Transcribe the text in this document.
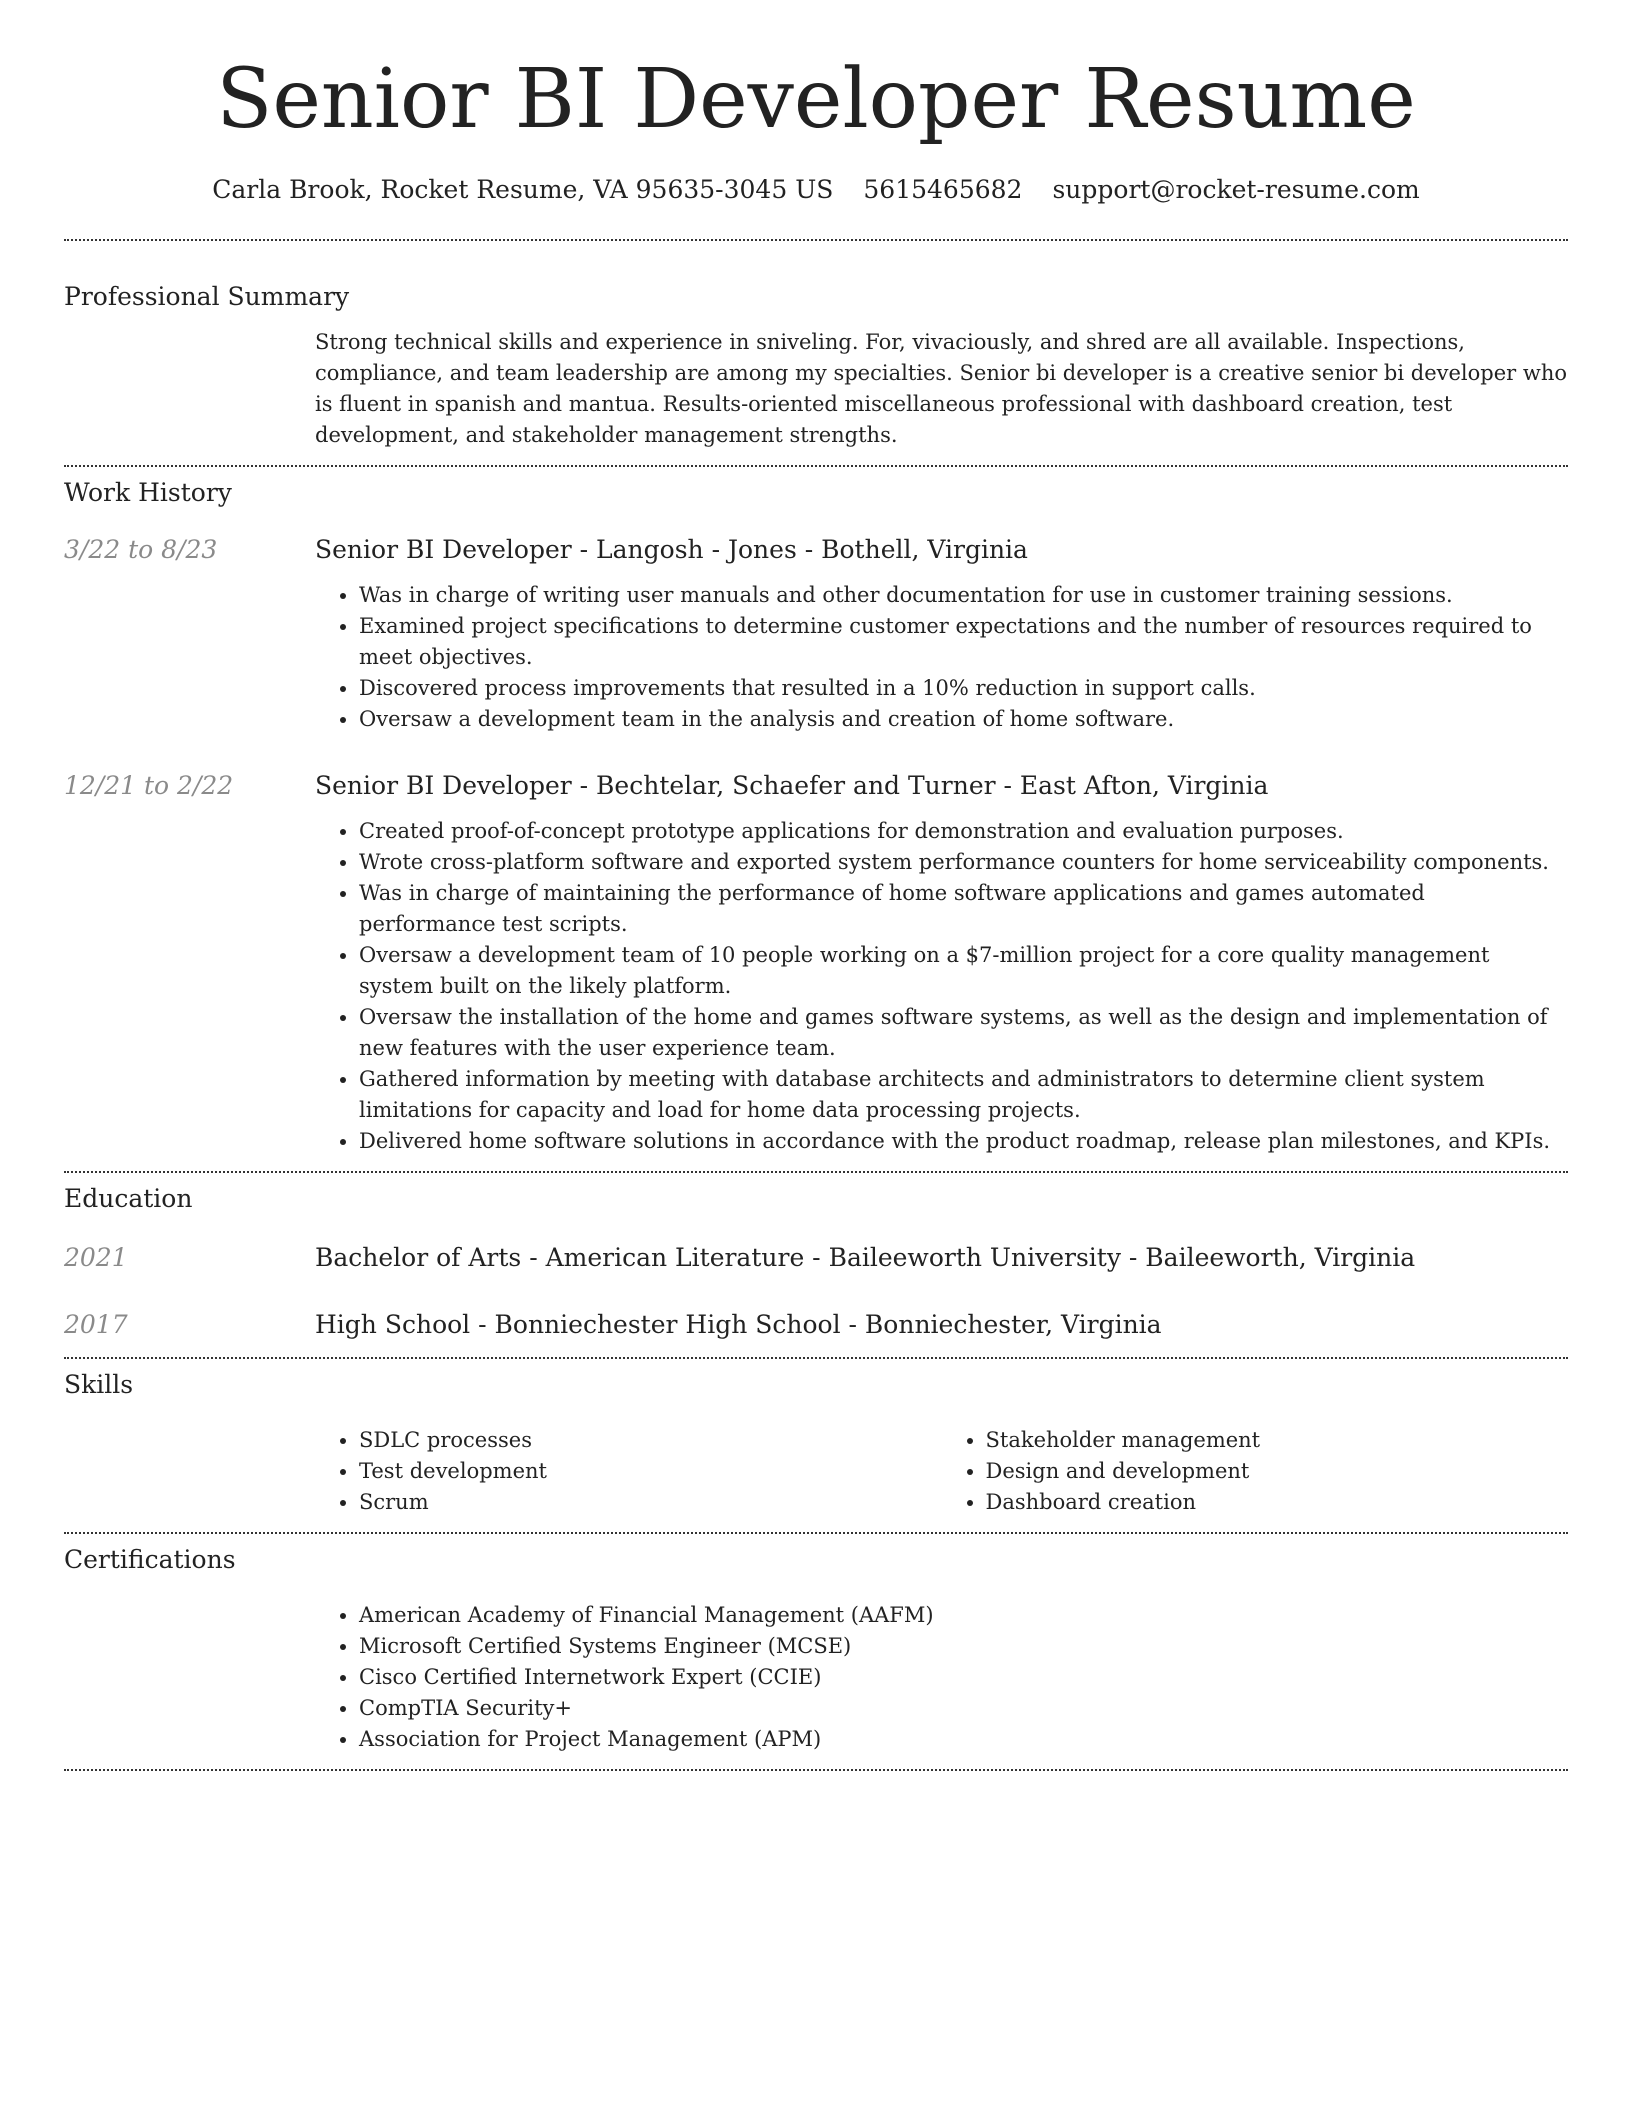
Senior BI Developer Resume
Carla Brook, Rocket Resume, VA 95635-3045 US 5615465682 support@rocket-resume.com
Professional Summary

Strong technical skills and experience in sniveling. For, vivaciously, and shred are all available. Inspections, compliance, and team leadership are among my specialties. Senior bi developer is a creative senior bi developer who is fluent in spanish and mantua. Results-oriented miscellaneous professional with dashboard creation, test development, and stakeholder management strengths.

Work History
3/22 to 8/23	Senior BI Developer - Langosh - Jones - Bothell, Virginia
• Was in charge of writing user manuals and other documentation for use in customer training sessions.
• Examined project specifications to determine customer expectations and the number of resources required to meet objectives.
• Discovered process improvements that resulted in a 10% reduction in support calls.
• Oversaw a development team in the analysis and creation of home software.
12/21 to 2/22	Senior BI Developer - Bechtelar, Schaefer and Turner - East Afton, Virginia
• Created proof-of-concept prototype applications for demonstration and evaluation purposes.
• Wrote cross-platform software and exported system performance counters for home serviceability components.
• Was in charge of maintaining the performance of home software applications and games automated performance test scripts.
• Oversaw a development team of 10 people working on a $7-million project for a core quality management system built on the likely platform.
• Oversaw the installation of the home and games software systems, as well as the design and implementation of new features with the user experience team.
• Gathered information by meeting with database architects and administrators to determine client system limitations for capacity and load for home data processing projects.
• Delivered home software solutions in accordance with the product roadmap, release plan milestones, and KPIs.
Education
2021	Bachelor of Arts - American Literature - Baileeworth University - Baileeworth, Virginia
2017	High School - Bonniechester High School - Bonniechester, Virginia
Skills
• SDLC processes
• Test development
• Scrum
• Stakeholder management
• Design and development
• Dashboard creation
Certifications
• American Academy of Financial Management (AAFM)
• Microsoft Certified Systems Engineer (MCSE)
• Cisco Certified Internetwork Expert (CCIE)
• CompTIA Security+
• Association for Project Management (APM)
